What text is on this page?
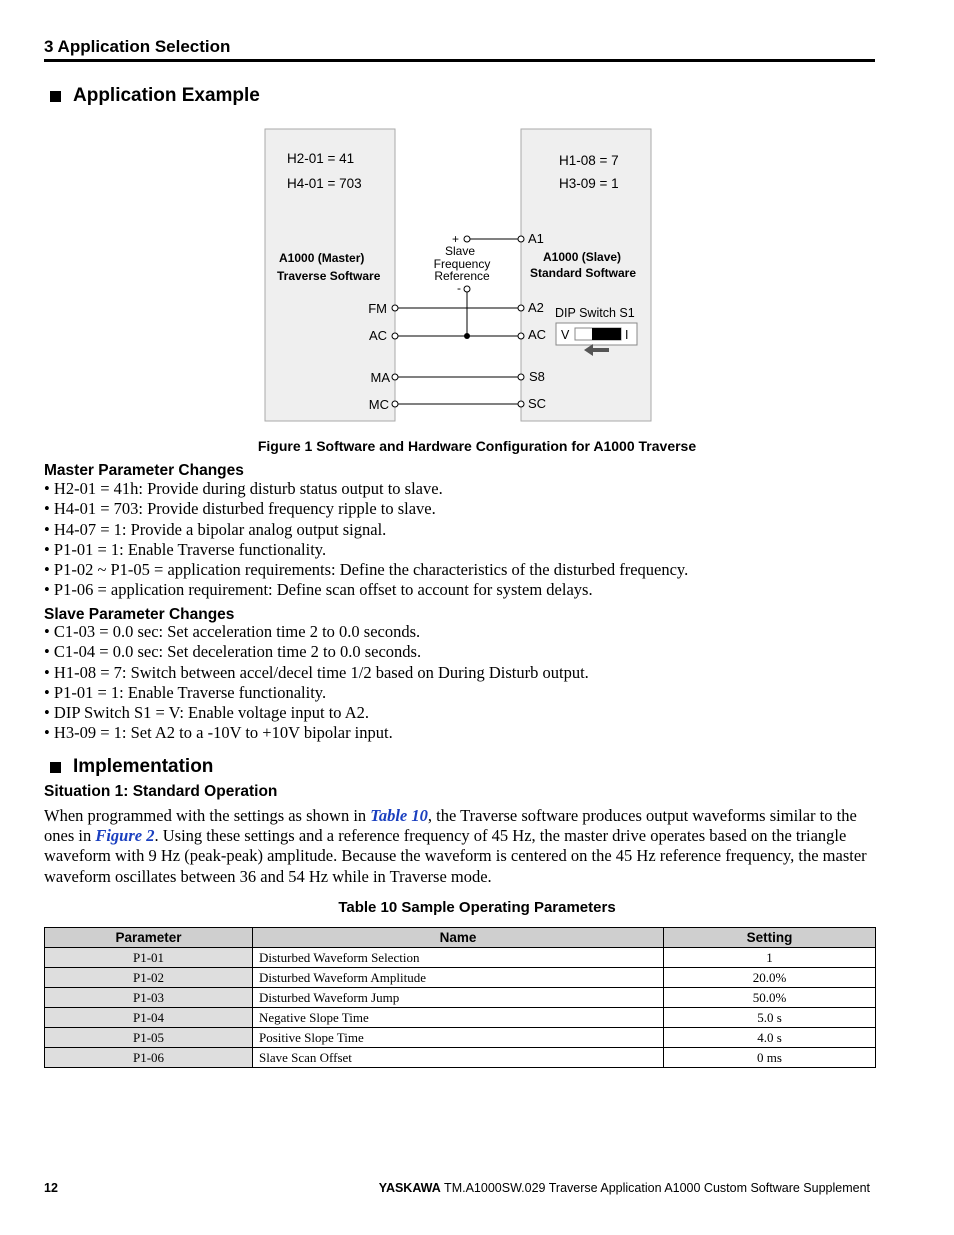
3 Application Selection
Application Example
H2-01 = 41
H4-01 = 703
A1000 (Master)
Traverse Software
FM
AC
MA
MC
H1-08 = 7
H3-09 = 1
A1
A1000 (Slave)
Standard Software
A2 DIP Switch S1
AC
S8
SC
V	I
+
Slave
Frequency
Reference
-
Figure 1 Software and Hardware Configuration for A1000 Traverse
Master Parameter Changes
• H2-01 = 41h: Provide during disturb status output to slave.
• H4-01 = 703: Provide disturbed frequency ripple to slave.
• H4-07 = 1: Provide a bipolar analog output signal.
• P1-01 = 1: Enable Traverse functionality.
• P1-02 ~ P1-05 = application requirements: Define the characteristics of the disturbed frequency.
• P1-06 = application requirement: Define scan offset to account for system delays.
Slave Parameter Changes
• C1-03 = 0.0 sec: Set acceleration time 2 to 0.0 seconds.
• C1-04 = 0.0 sec: Set deceleration time 2 to 0.0 seconds.
• H1-08 = 7: Switch between accel/decel time 1/2 based on During Disturb output.
• P1-01 = 1: Enable Traverse functionality.
• DIP Switch S1 = V: Enable voltage input to A2.
• H3-09 = 1: Set A2 to a -10V to +10V bipolar input.
Implementation
Situation 1: Standard Operation

When programmed with the settings as shown in Table 10, the Traverse software produces output waveforms similar to the ones in Figure 2. Using these settings and a reference frequency of 45 Hz, the master drive operates based on the triangle waveform with 9 Hz (peak-peak) amplitude. Because the waveform is centered on the 45 Hz reference frequency, the master waveform oscillates between 36 and 54 Hz while in Traverse mode.

Table 10 Sample Operating Parameters
Parameter	Name	Setting
P1-01	Disturbed Waveform Selection	1
P1-02	Disturbed Waveform Amplitude	20.0%
P1-03	Disturbed Waveform Jump	50.0%
P1-04	Negative Slope Time	5.0 s
P1-05	Positive Slope Time	4.0 s
P1-06	Slave Scan Offset	0 ms
12	YASKAWA TM.A1000SW.029 Traverse Application A1000 Custom Software Supplement
